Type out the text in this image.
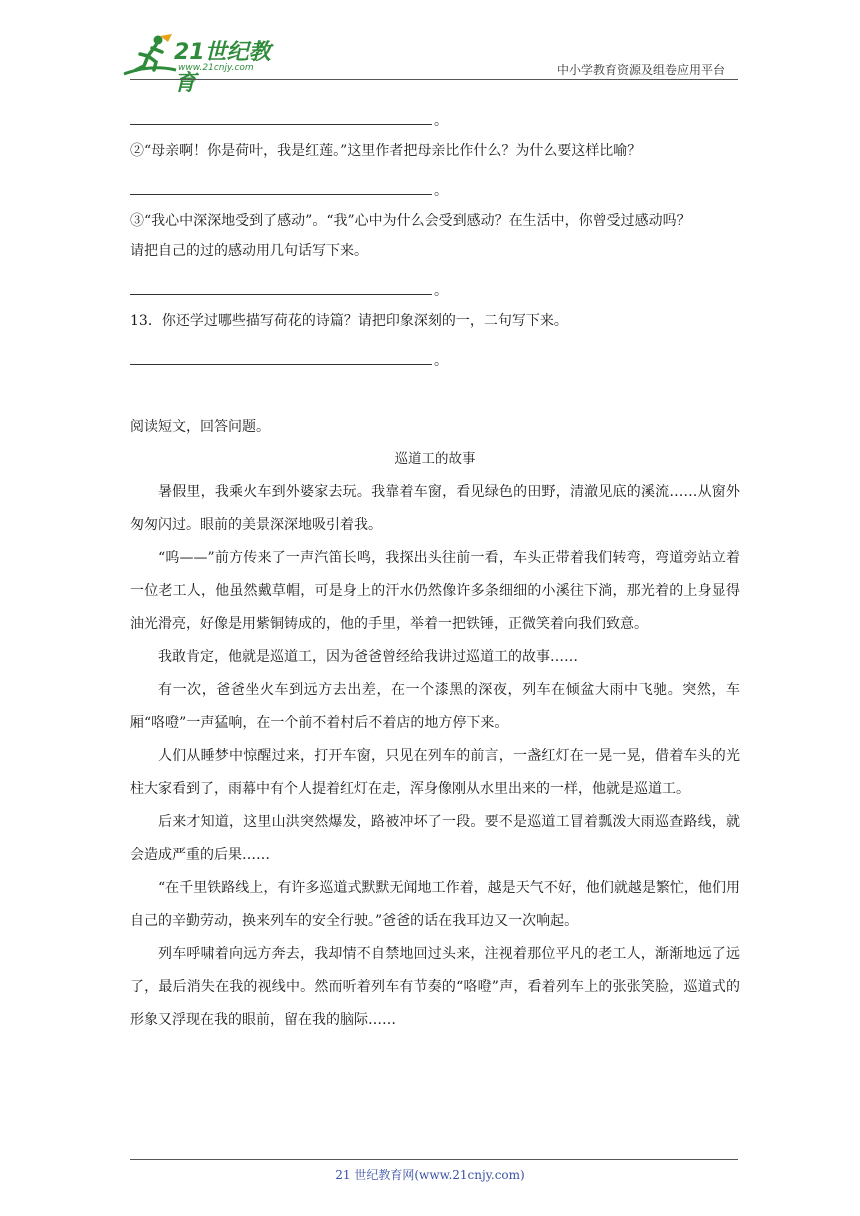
21世纪教育
www.21cnjy.com	中小学教育资源及组卷应用平台
。
②“母亲啊！你是荷叶，我是红莲。”这里作者把母亲比作什么？为什么要这样比喻？
。
③“我心中深深地受到了感动”。“我”心中为什么会受到感动？在生活中，你曾受过感动吗？
请把自己的过的感动用几句话写下来。
。
13．你还学过哪些描写荷花的诗篇？请把印象深刻的一，二句写下来。
。
阅读短文，回答问题。
巡道工的故事

暑假里，我乘火车到外婆家去玩。我靠着车窗，看见绿色的田野，清澈见底的溪流……从窗外匆匆闪过。眼前的美景深深地吸引着我。

“呜——”前方传来了一声汽笛长鸣，我探出头往前一看，车头正带着我们转弯，弯道旁站立着一位老工人，他虽然戴草帽，可是身上的汗水仍然像许多条细细的小溪往下淌，那光着的上身显得油光滑亮，好像是用紫铜铸成的，他的手里，举着一把铁锤，正微笑着向我们致意。

我敢肯定，他就是巡道工，因为爸爸曾经给我讲过巡道工的故事……

有一次，爸爸坐火车到远方去出差，在一个漆黑的深夜，列车在倾盆大雨中飞驰。突然，车厢“咯噔”一声猛响，在一个前不着村后不着店的地方停下来。

人们从睡梦中惊醒过来，打开车窗，只见在列车的前言，一盏红灯在一晃一晃，借着车头的光柱大家看到了，雨幕中有个人提着红灯在走，浑身像刚从水里出来的一样，他就是巡道工。

后来才知道，这里山洪突然爆发，路被冲坏了一段。要不是巡道工冒着瓢泼大雨巡查路线，就会造成严重的后果……

“在千里铁路线上，有许多巡道式默默无闻地工作着，越是天气不好，他们就越是繁忙，他们用自己的辛勤劳动，换来列车的安全行驶。”爸爸的话在我耳边又一次响起。

列车呼啸着向远方奔去，我却情不自禁地回过头来，注视着那位平凡的老工人，渐渐地远了远了，最后消失在我的视线中。然而听着列车有节奏的“咯噔”声，看着列车上的张张笑脸，巡道式的形象又浮现在我的眼前，留在我的脑际……

21 世纪教育网(www.21cnjy.com)
